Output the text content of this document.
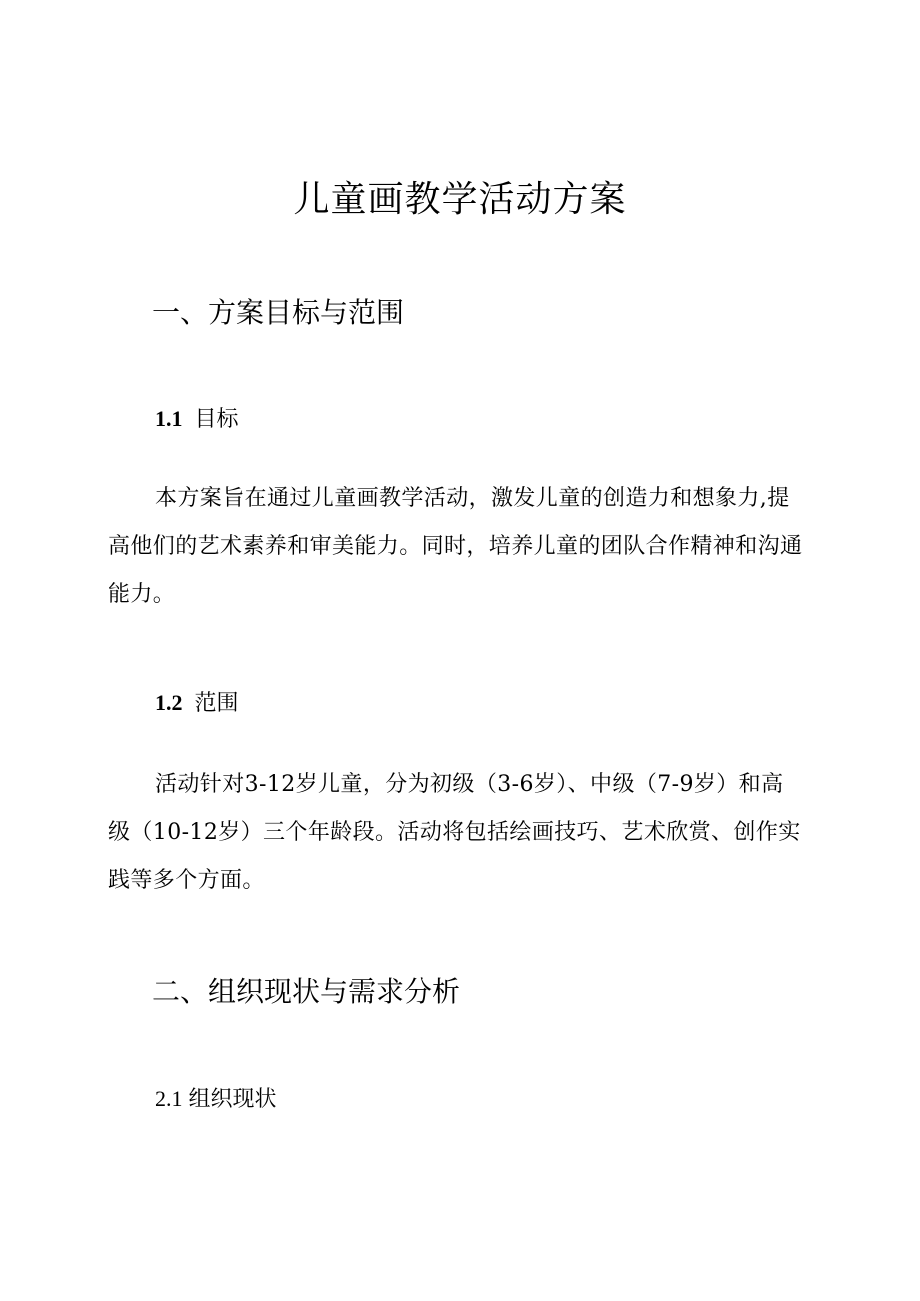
儿童画教学活动方案
一、方案目标与范围
1.1 目标
本方案旨在通过儿童画教学活动，激发儿童的创造力和想象力,提
高他们的艺术素养和审美能力。同时，培养儿童的团队合作精神和沟通
能力。
1.2 范围
活动针对3-12岁儿童，分为初级（3-6岁）、中级（7-9岁）和高
级（10-12岁）三个年龄段。活动将包括绘画技巧、艺术欣赏、创作实
践等多个方面。
二、组织现状与需求分析
2.1 组织现状
